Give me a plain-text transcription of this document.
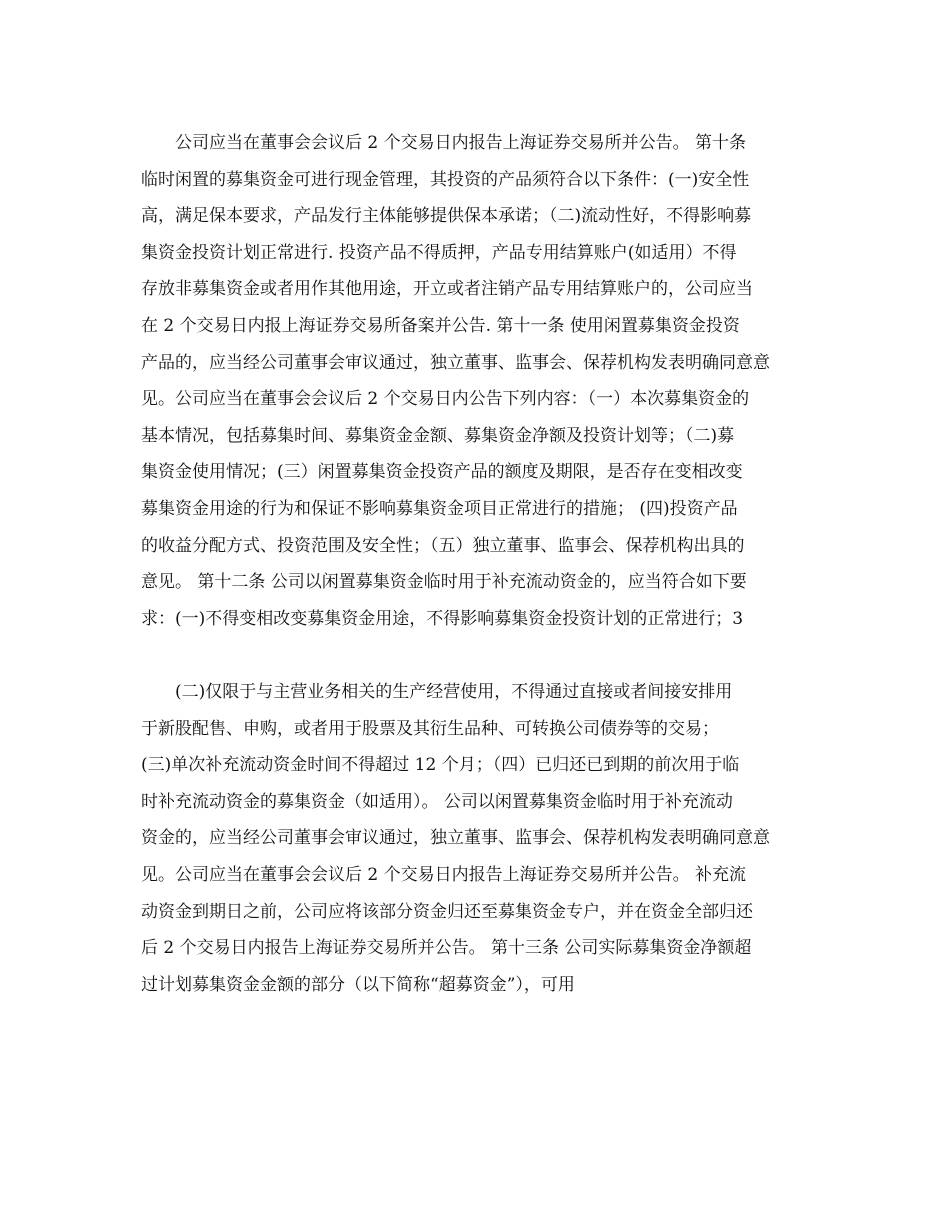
　　公司应当在董事会会议后 2 个交易日内报告上海证券交易所并公告。 第十条
临时闲置的募集资金可进行现金管理，其投资的产品须符合以下条件：(一)安全性
高，满足保本要求，产品发行主体能够提供保本承诺；（二)流动性好，不得影响募
集资金投资计划正常进行. 投资产品不得质押，产品专用结算账户(如适用）不得
存放非募集资金或者用作其他用途，开立或者注销产品专用结算账户的，公司应当
在 2 个交易日内报上海证券交易所备案并公告. 第十一条 使用闲置募集资金投资
产品的，应当经公司董事会审议通过，独立董事、监事会、保荐机构发表明确同意意
见。公司应当在董事会会议后 2 个交易日内公告下列内容：（一）本次募集资金的
基本情况，包括募集时间、募集资金金额、募集资金净额及投资计划等；（二)募
集资金使用情况；(三）闲置募集资金投资产品的额度及期限，是否存在变相改变
募集资金用途的行为和保证不影响募集资金项目正常进行的措施； (四)投资产品
的收益分配方式、投资范围及安全性；（五）独立董事、监事会、保荐机构出具的
意见。 第十二条 公司以闲置募集资金临时用于补充流动资金的，应当符合如下要
求：(一)不得变相改变募集资金用途，不得影响募集资金投资计划的正常进行；3
　　(二)仅限于与主营业务相关的生产经营使用，不得通过直接或者间接安排用
于新股配售、申购，或者用于股票及其衍生品种、可转换公司债券等的交易；
(三)单次补充流动资金时间不得超过 12 个月；（四）已归还已到期的前次用于临
时补充流动资金的募集资金（如适用）。 公司以闲置募集资金临时用于补充流动
资金的，应当经公司董事会审议通过，独立董事、监事会、保荐机构发表明确同意意
见。公司应当在董事会会议后 2 个交易日内报告上海证券交易所并公告。 补充流
动资金到期日之前，公司应将该部分资金归还至募集资金专户，并在资金全部归还
后 2 个交易日内报告上海证券交易所并公告。 第十三条 公司实际募集资金净额超
过计划募集资金金额的部分（以下简称“超募资金”），可用
